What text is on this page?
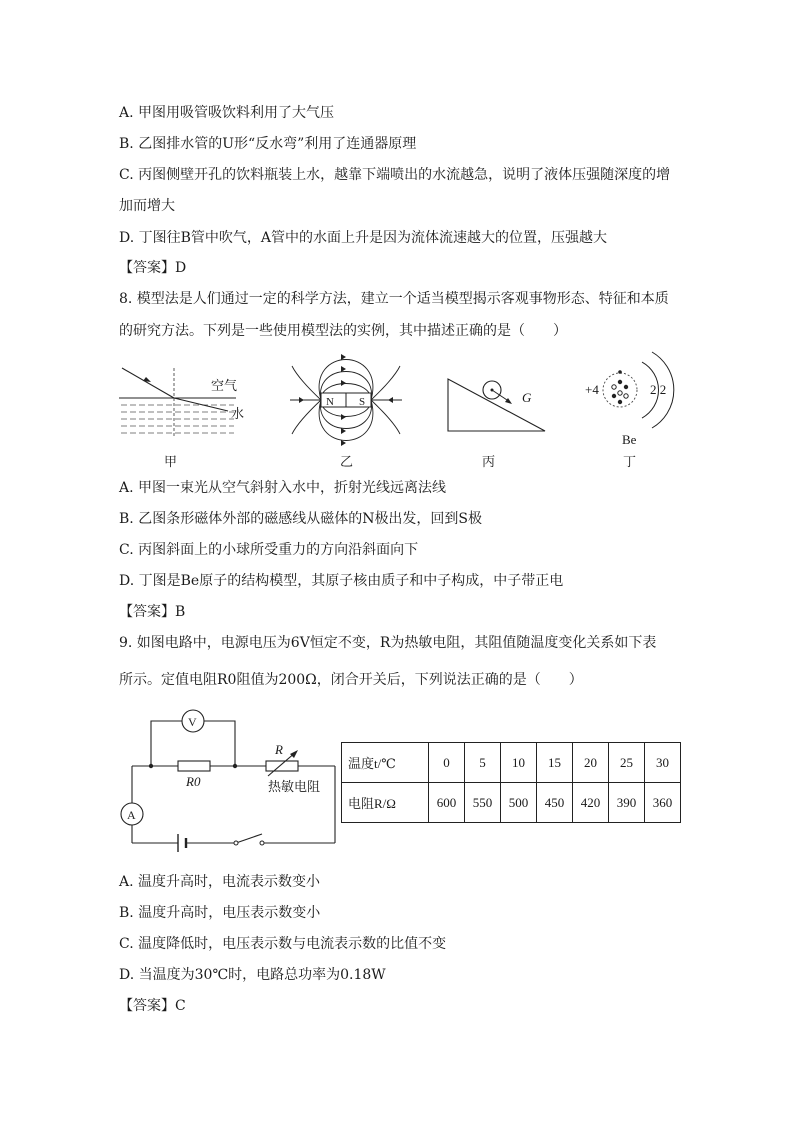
A. 甲图用吸管吸饮料利用了大气压
B. 乙图排水管的U形“反水弯”利用了连通器原理
C. 丙图侧壁开孔的饮料瓶装上水，越靠下端喷出的水流越急，说明了液体压强随深度的增
加而增大
D. 丁图往B管中吹气，A管中的水面上升是因为流体流速越大的位置，压强越大
【答案】D
8. 模型法是人们通过一定的科学方法，建立一个适当模型揭示客观事物形态、特征和本质
的研究方法。下列是一些使用模型法的实例，其中描述正确的是（　　）
空气
水
甲
N S
乙
G
丙
+4	2 2
Be
丁
A. 甲图一束光从空气斜射入水中，折射光线远离法线
B. 乙图条形磁体外部的磁感线从磁体的N极出发，回到S极
C. 丙图斜面上的小球所受重力的方向沿斜面向下
D. 丁图是Be原子的结构模型，其原子核由质子和中子构成，中子带正电
【答案】B
9. 如图电路中，电源电压为6V恒定不变，R为热敏电阻，其阻值随温度变化关系如下表
所示。定值电阻R0阻值为200Ω，闭合开关后，下列说法正确的是（　　）
V
A
R
R0	热敏电阻
温度t/℃	0	5	10	15	20	25	30
电阻R/Ω	600	550	500	450	420	390	360
A. 温度升高时，电流表示数变小
B. 温度升高时，电压表示数变小
C. 温度降低时，电压表示数与电流表示数的比值不变
D. 当温度为30℃时，电路总功率为0.18W
【答案】C
